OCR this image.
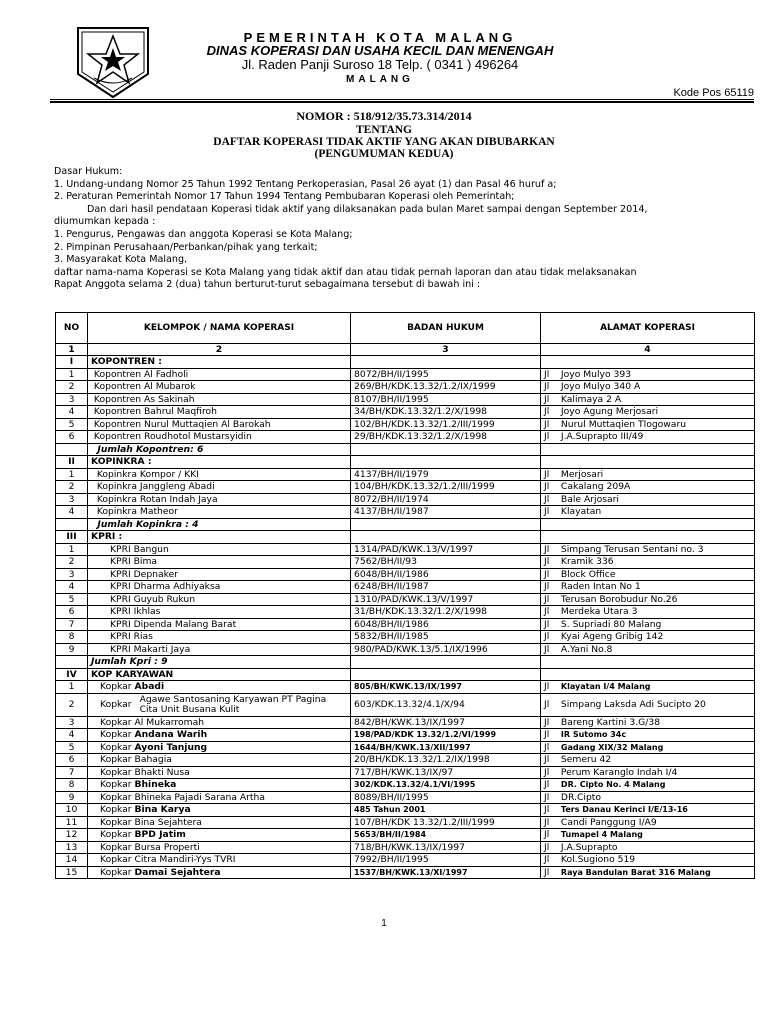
PEMERINTAH KOTA MALANG
DINAS KOPERASI DAN USAHA KECIL DAN MENENGAH
Jl. Raden Panji Suroso 18 Telp. ( 0341 ) 496264
MALANG
Kode Pos 65119
NOMOR : 518/912/35.73.314/2014
TENTANG
DAFTAR KOPERASI TIDAK AKTIF YANG AKAN DIBUBARKAN
(PENGUMUMAN KEDUA)
Dasar Hukum:
1. Undang-undang Nomor 25 Tahun 1992 Tentang Perkoperasian, Pasal 26 ayat (1) dan Pasal 46 huruf a;
2. Peraturan Pemerintah Nomor 17 Tahun 1994 Tentang Pembubaran Koperasi oleh Pemerintah;
Dan dari hasil pendataan Koperasi tidak aktif yang dilaksanakan pada bulan Maret sampai dengan September 2014,
diumumkan kepada :
1. Pengurus, Pengawas dan anggota Koperasi se Kota Malang;
2. Pimpinan Perusahaan/Perbankan/pihak yang terkait;
3. Masyarakat Kota Malang,
daftar nama-nama Koperasi se Kota Malang yang tidak aktif dan atau tidak pernah laporan dan atau tidak melaksanakan
Rapat Anggota selama 2 (dua) tahun berturut-turut sebagaimana tersebut di bawah ini :
NO	KELOMPOK / NAMA KOPERASI	BADAN HUKUM	ALAMAT KOPERASI
1	2	3	4
I	KOPONTREN :		
1	Kopontren Al Fadholi	8072/BH/II/1995	Jl Joyo Mulyo 393
2	Kopontren Al Mubarok	269/BH/KDK.13.32/1.2/IX/1999	Jl Joyo Mulyo 340 A
3	Kopontren As Sakinah	8107/BH/II/1995	Jl Kalimaya 2 A
4	Kopontren Bahrul Maqfiroh	34/BH/KDK.13.32/1.2/X/1998	Jl Joyo Agung Merjosari
5	Kopontren Nurul Muttaqien Al Barokah	102/BH/KDK.13.32/1.2/III/1999	Jl Nurul Muttaqien Tlogowaru
6	Kopontren Roudhotol Mustarsyidin	29/BH/KDK.13.32/1.2/X/1998	Jl J.A.Suprapto III/49
	Jumlah Kopontren: 6		
II	KOPINKRA :		
1	Kopinkra Kompor / KKI	4137/BH/II/1979	Jl Merjosari
2	Kopinkra Janggleng Abadi	104/BH/KDK.13.32/1.2/III/1999	Jl Cakalang 209A
3	Kopinkra Rotan Indah Jaya	8072/BH/II/1974	Jl Bale Arjosari
4	Kopinkra Matheor	4137/BH/II/1987	Jl Klayatan
	Jumlah Kopinkra : 4		
III	KPRI :		
1	KPRI Bangun	1314/PAD/KWK.13/V/1997	Jl Simpang Terusan Sentani no. 3
2	KPRI Bima	7562/BH/II/93	Jl Kramik 336
3	KPRI Depnaker	6048/BH/II/1986	Jl Block Office
4	KPRI Dharma Adhiyaksa	6248/BH/II/1987	Jl Raden Intan No 1
5	KPRI Guyub Rukun	1310/PAD/KWK.13/V/1997	Jl Terusan Borobudur No.26
6	KPRI Ikhlas	31/BH/KDK.13.32/1.2/X/1998	Jl Merdeka Utara 3
7	KPRI Dipenda Malang Barat	6048/BH/II/1986	Jl S. Supriadi 80 Malang
8	KPRI Rias	5832/BH/II/1985	Jl Kyai Ageng Gribig 142
9	KPRI Makarti Jaya	980/PAD/KWK.13/5.1/IX/1996	Jl A.Yani No.8
	Jumlah Kpri : 9		
IV	KOP KARYAWAN		
1	Kopkar Abadi	805/BH/KWK.13/IX/1997	Jl Klayatan I/4 Malang
2	Kopkar Agawe Santosaning Karyawan PT Pagina Cita Unit Busana Kulit	603/KDK.13.32/4.1/X/94	Jl Simpang Laksda Adi Sucipto 20
3	Kopkar Al Mukarromah	842/BH/KWK.13/IX/1997	Jl Bareng Kartini 3.G/38
4	Kopkar Andana Warih	198/PAD/KDK 13.32/1.2/VI/1999	Jl IR Sutomo 34c
5	Kopkar Ayoni Tanjung	1644/BH/KWK.13/XII/1997	Jl Gadang XIX/32 Malang
6	Kopkar Bahagia	20/BH/KDK.13.32/1.2/IX/1998	Jl Semeru 42
7	Kopkar Bhakti Nusa	717/BH/KWK.13/IX/97	Jl Perum Karanglo Indah I/4
8	Kopkar Bhineka	302/KDK.13.32/4.1/VI/1995	Jl DR. Cipto No. 4 Malang
9	Kopkar Bhineka Pajadi Sarana Artha	8089/BH/II/1995	Jl DR.Cipto
10	Kopkar Bina Karya	485 Tahun 2001	Jl Ters Danau Kerinci I/E/13-16
11	Kopkar Bina Sejahtera	107/BH/KDK 13.32/1.2/III/1999	Jl Candi Panggung I/A9
12	Kopkar BPD Jatim	5653/BH/II/1984	Jl Tumapel 4 Malang
13	Kopkar Bursa Properti	718/BH/KWK.13/IX/1997	Jl J.A.Suprapto
14	Kopkar Citra Mandiri-Yys TVRI	7992/BH/II/1995	Jl Kol.Sugiono 519
15	Kopkar Damai Sejahtera	1537/BH/KWK.13/XI/1997	Jl Raya Bandulan Barat 316 Malang
1
